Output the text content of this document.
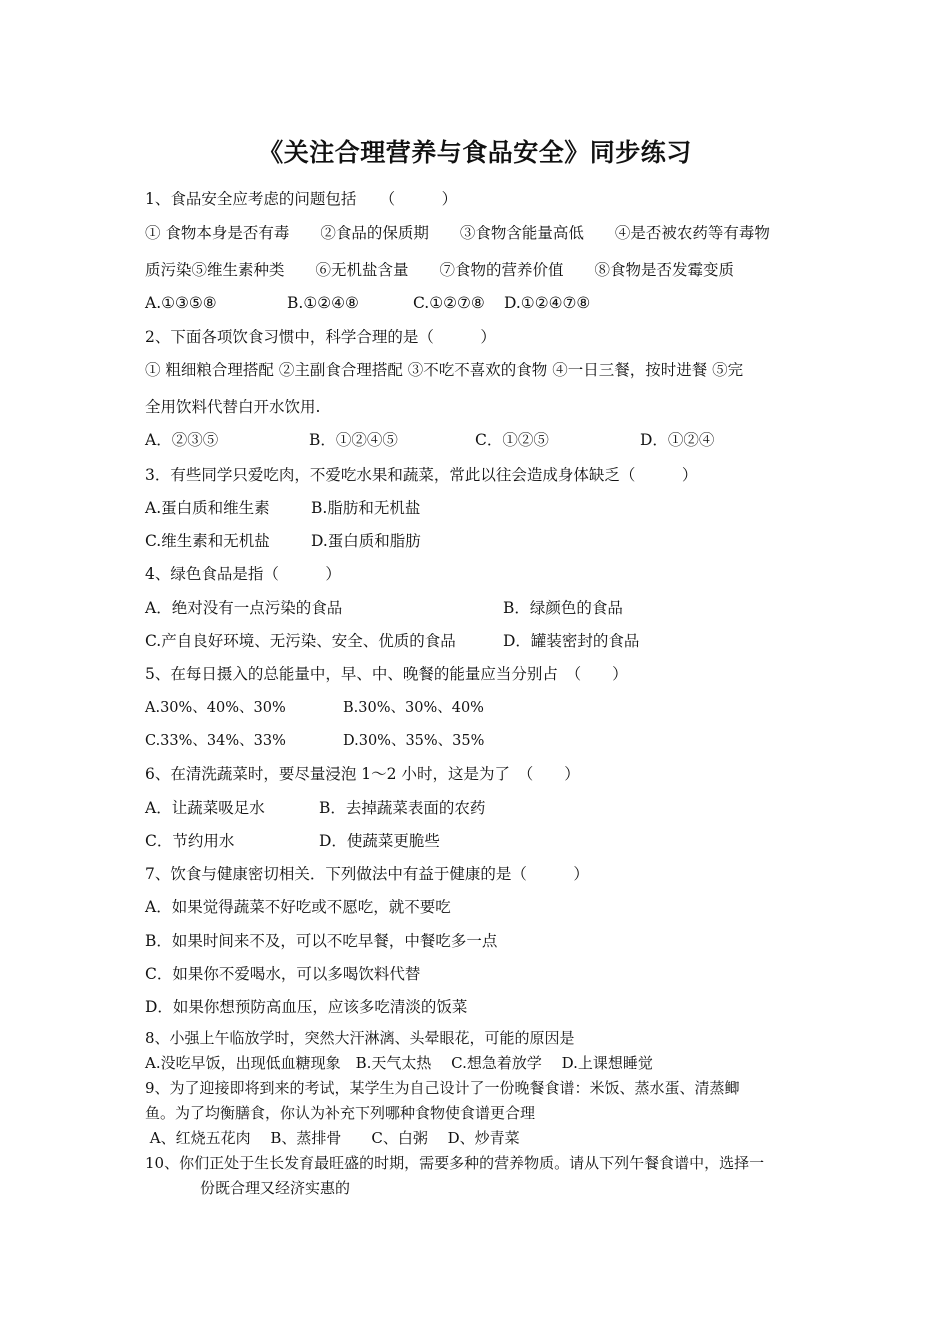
《关注合理营养与食品安全》同步练习
1、食品安全应考虑的问题包括　　（　　　）
① 食物本身是否有毒　　②食品的保质期　　③食物含能量高低　　④是否被农药等有毒物
质污染⑤维生素种类　　⑥无机盐含量　　⑦食物的营养价值　　⑧食物是否发霉变质
A.①③⑤⑧	B.①②④⑧	C.①②⑦⑧ D.①②④⑦⑧
2、下面各项饮食习惯中，科学合理的是（　　　）
① 粗细粮合理搭配 ②主副食合理搭配 ③不吃不喜欢的食物 ④一日三餐，按时进餐 ⑤完
全用饮料代替白开水饮用.
A．②③⑤	B．①②④⑤	C．①②⑤	D．①②④
3．有些同学只爱吃肉，不爱吃水果和蔬菜，常此以往会造成身体缺乏（　　　）
A.蛋白质和维生素	B.脂肪和无机盐
C.维生素和无机盐	D.蛋白质和脂肪
4、绿色食品是指（　　　）
A．绝对没有一点污染的食品	B．绿颜色的食品
C.产自良好环境、无污染、安全、优质的食品	D．罐装密封的食品
5、在每日摄入的总能量中，早、中、晚餐的能量应当分别占　（　　）
A.30%、40%、30%	B.30%、30%、40%
C.33%、34%、33%	D.30%、35%、35%
6、在清洗蔬菜时，要尽量浸泡 1～2 小时，这是为了　（　　）
A．让蔬菜吸足水	B．去掉蔬菜表面的农药
C．节约用水	D．使蔬菜更脆些
7、饮食与健康密切相关．下列做法中有益于健康的是（　　　）
A．如果觉得蔬菜不好吃或不愿吃，就不要吃
B．如果时间来不及，可以不吃早餐，中餐吃多一点
C．如果你不爱喝水，可以多喝饮料代替
D．如果你想预防高血压，应该多吃清淡的饭菜
8、小强上午临放学时，突然大汗淋漓、头晕眼花，可能的原因是
A.没吃早饭，出现低血糖现象　B.天气太热　 C.想急着放学　 D.上课想睡觉
9、为了迎接即将到来的考试，某学生为自己设计了一份晚餐食谱：米饭、蒸水蛋、清蒸鲫
鱼。为了均衡膳食，你认为补充下列哪种食物使食谱更合理
A、红烧五花肉　 B、蒸排骨　　C、白粥　 D、炒青菜
10、你们正处于生长发育最旺盛的时期，需要多种的营养物质。请从下列午餐食谱中，选择一
份既合理又经济实惠的
